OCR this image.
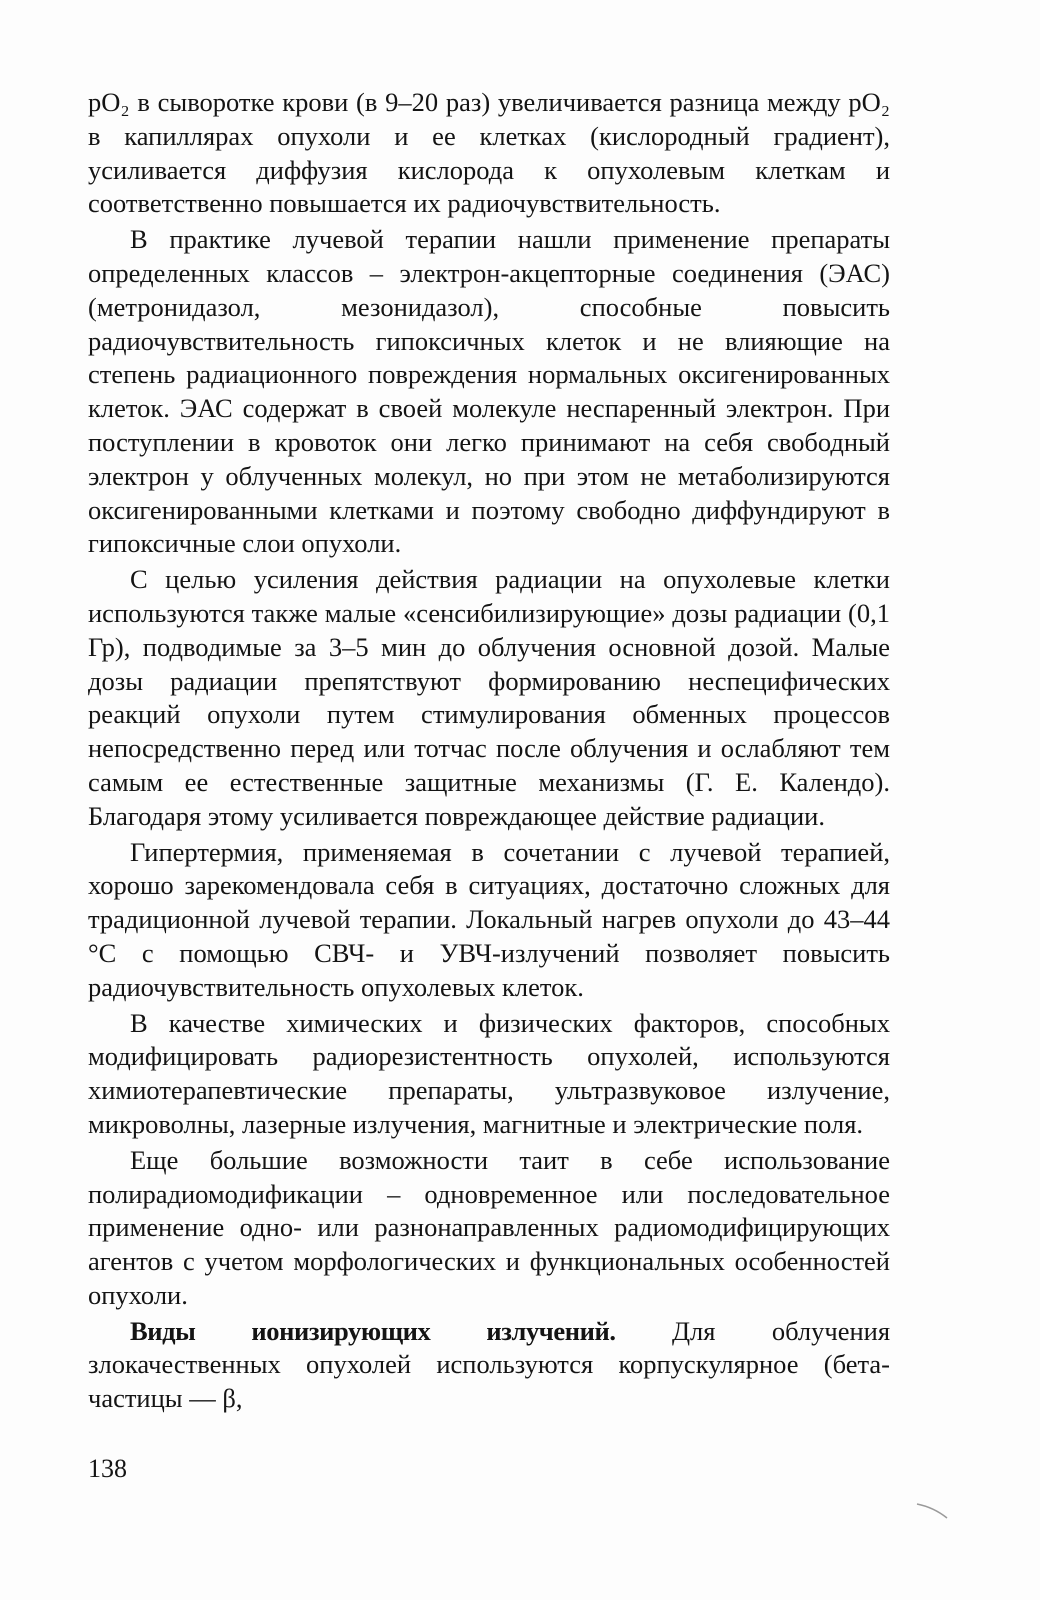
pO₂ в сыворотке крови (в 9–20 раз) увеличивается разница между pO₂ в капиллярах опухоли и ее клетках (кислородный градиент), усиливается диффузия кислорода к опухолевым клеткам и соответственно повышается их радиочувствительность.

В практике лучевой терапии нашли применение препараты определенных классов – электрон-акцепторные соединения (ЭАС) (метронидазол, мезонидазол), способные повысить радиочувствительность гипоксичных клеток и не влияющие на степень радиационного повреждения нормальных оксигенированных клеток. ЭАС содержат в своей молекуле неспаренный электрон. При поступлении в кровоток они легко принимают на себя свободный электрон у облученных молекул, но при этом не метаболизируются оксигенированными клетками и поэтому свободно диффундируют в гипоксичные слои опухоли.

С целью усиления действия радиации на опухолевые клетки используются также малые «сенсибилизирующие» дозы радиации (0,1 Гр), подводимые за 3–5 мин до облучения основной дозой. Малые дозы радиации препятствуют формированию неспецифических реакций опухоли путем стимулирования обменных процессов непосредственно перед или тотчас после облучения и ослабляют тем самым ее естественные защитные механизмы (Г. Е. Календо). Благодаря этому усиливается повреждающее действие радиации.

Гипертермия, применяемая в сочетании с лучевой терапией, хорошо зарекомендовала себя в ситуациях, достаточно сложных для традиционной лучевой терапии. Локальный нагрев опухоли до 43–44 °С с помощью СВЧ- и УВЧ-излучений позволяет повысить радиочувствительность опухолевых клеток.

В качестве химических и физических факторов, способных модифицировать радиорезистентность опухолей, используются химиотерапевтические препараты, ультразвуковое излучение, микроволны, лазерные излучения, магнитные и электрические поля.

Еще большие возможности таит в себе использование полирадиомодификации – одновременное или последовательное применение одно- или разнонаправленных радиомодифицирующих агентов с учетом морфологических и функциональных особенностей опухоли.

Виды ионизирующих излучений. Для облучения злокачественных опухолей используются корпускулярное (бета-частицы — β,

138
